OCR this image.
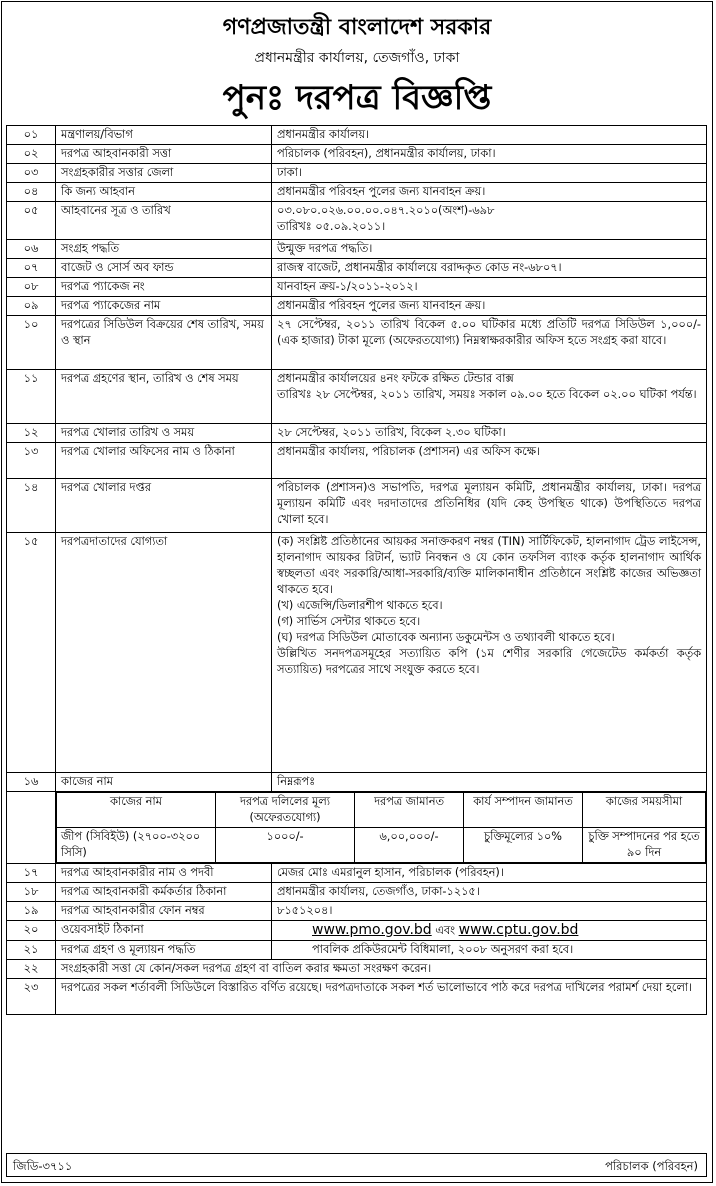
গণপ্রজাতন্ত্রী বাংলাদেশ সরকার
প্রধানমন্ত্রীর কার্যালয়, তেজগাঁও, ঢাকা
পুনঃ দরপত্র বিজ্ঞপ্তি
০১	মন্ত্রণালয়/বিভাগ	প্রধানমন্ত্রীর কার্যালয়।
০২	দরপত্র আহবানকারী সত্তা	পরিচালক (পরিবহন), প্রধানমন্ত্রীর কার্যালয়, ঢাকা।
০৩	সংগ্রহকারীর সত্তার জেলা	ঢাকা।
০৪	কি জন্য আহবান	প্রধানমন্ত্রীর পরিবহন পুলের জন্য যানবাহন ক্রয়।
০৫	আহবানের সূত্র ও তারিখ	০৩.০৮০.০২৬.০০.০০.০৪৭.২০১০(অংশ)-৬৯৮
তারিখঃ ০৫.০৯.২০১১।

০৬	সংগ্রহ পদ্ধতি	উন্মুক্ত দরপত্র পদ্ধতি।
০৭	বাজেট ও সোর্স অব ফান্ড	রাজস্ব বাজেট, প্রধানমন্ত্রীর কার্যালয়ে বরাদ্দকৃত কোড নং-৬৮০৭।
০৮	দরপত্র প্যাকেজ নং	যানবাহন ক্রয়-১/২০১১-২০১২।
০৯	দরপত্র প্যাকেজের নাম	প্রধানমন্ত্রীর পরিবহন পুলের জন্য যানবাহন ক্রয়।
১০	দরপত্রের সিডিউল বিক্রয়ের শেষ তারিখ, সময় ও স্থান	২৭ সেপ্টেম্বর, ২০১১ তারিখ বিকেল ৫.০০ ঘটিকার মধ্যে প্রতিটি দরপত্র সিডিউল ১,০০০/- (এক হাজার) টাকা মূল্যে (অফেরতযোগ্য) নিম্নস্বাক্ষরকারীর অফিস হতে সংগ্রহ করা যাবে।
১১	দরপত্র গ্রহণের স্থান, তারিখ ও শেষ সময়	প্রধানমন্ত্রীর কার্যালয়ের ৪নং ফটকে রক্ষিত টেন্ডার বাক্স
তারিখঃ ২৮ সেপ্টেম্বর, ২০১১ তারিখ, সময়ঃ সকাল ০৯.০০ হতে বিকেল ০২.০০ ঘটিকা পর্যন্ত।

১২	দরপত্র খোলার তারিখ ও সময়	২৮ সেপ্টেম্বর, ২০১১ তারিখ, বিকেল ২.৩০ ঘটিকা।
১৩	দরপত্র খোলার অফিসের নাম ও ঠিকানা	প্রধানমন্ত্রীর কার্যালয়, পরিচালক (প্রশাসন) এর অফিস কক্ষে।
১৪	দরপত্র খোলার দপ্তর	পরিচালক (প্রশাসন)ও সভাপতি, দরপত্র মূল্যায়ন কমিটি, প্রধানমন্ত্রীর কার্যালয়, ঢাকা। দরপত্র মূল্যায়ন কমিটি এবং দরদাতাদের প্রতিনিধির (যদি কেহ উপস্থিত থাকে) উপস্থিতিতে দরপত্র খোলা হবে।
১৫	দরপত্রদাতাদের যোগ্যতা	(ক) সংশ্লিষ্ট প্রতিষ্ঠানের আয়কর সনাক্তকরণ নম্বর (TIN) সার্টিফিকেট, হালনাগাদ ট্রেড লাইসেন্স, হালনাগাদ আয়কর রিটার্ন, ভ্যাট নিবন্ধন ও যে কোন তফসিল ব্যাংক কর্তৃক হালনাগাদ আর্থিক স্বচ্ছলতা এবং সরকারি/আধা-সরকারি/ব্যক্তি মালিকানাধীন প্রতিষ্ঠানে সংশ্লিষ্ট কাজের অভিজ্ঞতা থাকতে হবে।
(খ) এজেন্সি/ডিলারশীপ থাকতে হবে।
(গ) সার্ভিস সেন্টার থাকতে হবে।
(ঘ) দরপত্র সিডিউল মোতাবেক অন্যান্য ডকুমেন্টস ও তথ্যাবলী থাকতে হবে।
উল্লিখিত সনদপত্রসমূহের সত্যায়িত কপি (১ম শেণীর সরকারি গেজেটেড কর্মকর্তা কর্তৃক সত্যায়িত) দরপত্রের সাথে সংযুক্ত করতে হবে।

১৬	কাজের নাম	নিম্নরূপঃ

কাজের নাম	দরপত্র দলিলের মূল্য (অফেরতযোগ্য)	দরপত্র জামানত	কার্য সম্পাদন জামানত	কাজের সময়সীমা
জীপ (সিবিইউ) (২৭০০-৩২০০ সিসি)	১০০০/-	৬,০০,০০০/-	চুক্তিমূল্যের ১০%	চুক্তি সম্পাদনের পর হতে ৯০ দিন

১৭	দরপত্র আহবানকারীর নাম ও পদবী	মেজর মোঃ এমরানুল হাসান, পরিচালক (পরিবহন)।
১৮	দরপত্র আহবানকারী কর্মকর্তার ঠিকানা	প্রধানমন্ত্রীর কার্যালয়, তেজগাঁও, ঢাকা-১২১৫।
১৯	দরপত্র আহবানকারীর ফোন নম্বর	৮১৫১২০৪।
২০	ওয়েবসাইট ঠিকানা	www.pmo.gov.bd এবং www.cptu.gov.bd
২১	দরপত্র গ্রহণ ও মূল্যায়ন পদ্ধতি	পাবলিক প্রকিউরমেন্ট বিধিমালা, ২০০৮ অনুসরণ করা হবে।
২২	সংগ্রহকারী সত্তা যে কোন/সকল দরপত্র গ্রহণ বা বাতিল করার ক্ষমতা সংরক্ষণ করেন।
২৩	দরপত্রের সকল শর্তাবলী সিডিউলে বিস্তারিত বর্ণিত রয়েছে। দরপত্রদাতাকে সকল শর্ত ভালোভাবে পাঠ করে দরপত্র দাখিলের পরামর্শ দেয়া হলো।
জিডি-৩৭১১	পরিচালক (পরিবহন)
